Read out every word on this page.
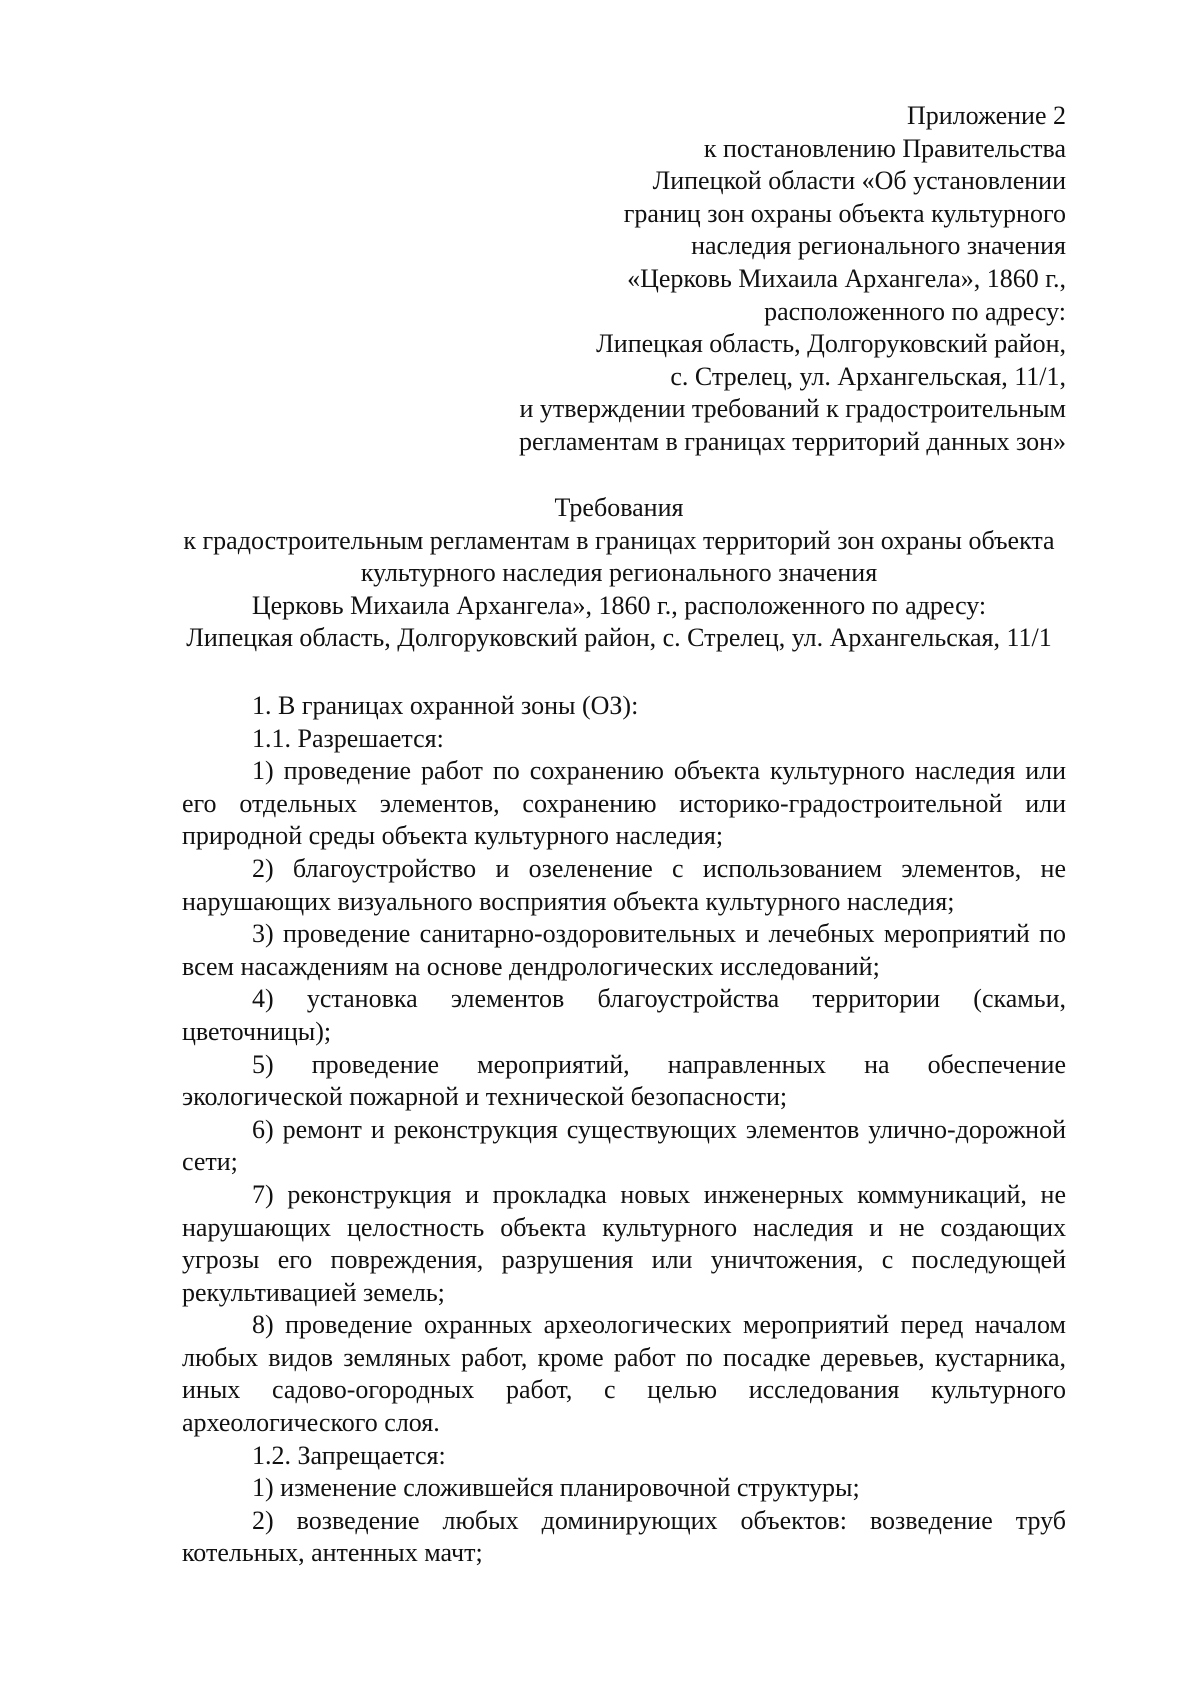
Приложение 2
к постановлению Правительства
Липецкой области «Об установлении
границ зон охраны объекта культурного
наследия регионального значения
«Церковь Михаила Архангела», 1860 г.,
расположенного по адресу:
Липецкая область, Долгоруковский район,
с. Стрелец, ул. Архангельская, 11/1,
и утверждении требований к градостроительным
регламентам в границах территорий данных зон»
Требования
к градостроительным регламентам в границах территорий зон охраны объекта
культурного наследия регионального значения
Церковь Михаила Архангела», 1860 г., расположенного по адресу:
Липецкая область, Долгоруковский район, с. Стрелец, ул. Архангельская, 11/1

1. В границах охранной зоны (ОЗ):

1.1. Разрешается:

1) проведение работ по сохранению объекта культурного наследия или его отдельных элементов, сохранению историко-градостроительной или природной среды объекта культурного наследия;

2) благоустройство и озеленение с использованием элементов, не нарушающих визуального восприятия объекта культурного наследия;

3) проведение санитарно-оздоровительных и лечебных мероприятий по всем насаждениям на основе дендрологических исследований;

4) установка элементов благоустройства территории (скамьи, цветочницы);

5) проведение мероприятий, направленных на обеспечение экологической пожарной и технической безопасности;

6) ремонт и реконструкция существующих элементов улично-дорожной сети;

7) реконструкция и прокладка новых инженерных коммуникаций, не нарушающих целостность объекта культурного наследия и не создающих угрозы его повреждения, разрушения или уничтожения, с последующей рекультивацией земель;

8) проведение охранных археологических мероприятий перед началом любых видов земляных работ, кроме работ по посадке деревьев, кустарника, иных садово-огородных работ, с целью исследования культурного археологического слоя.

1.2. Запрещается:

1) изменение сложившейся планировочной структуры;

2) возведение любых доминирующих объектов: возведение труб котельных, антенных мачт;
